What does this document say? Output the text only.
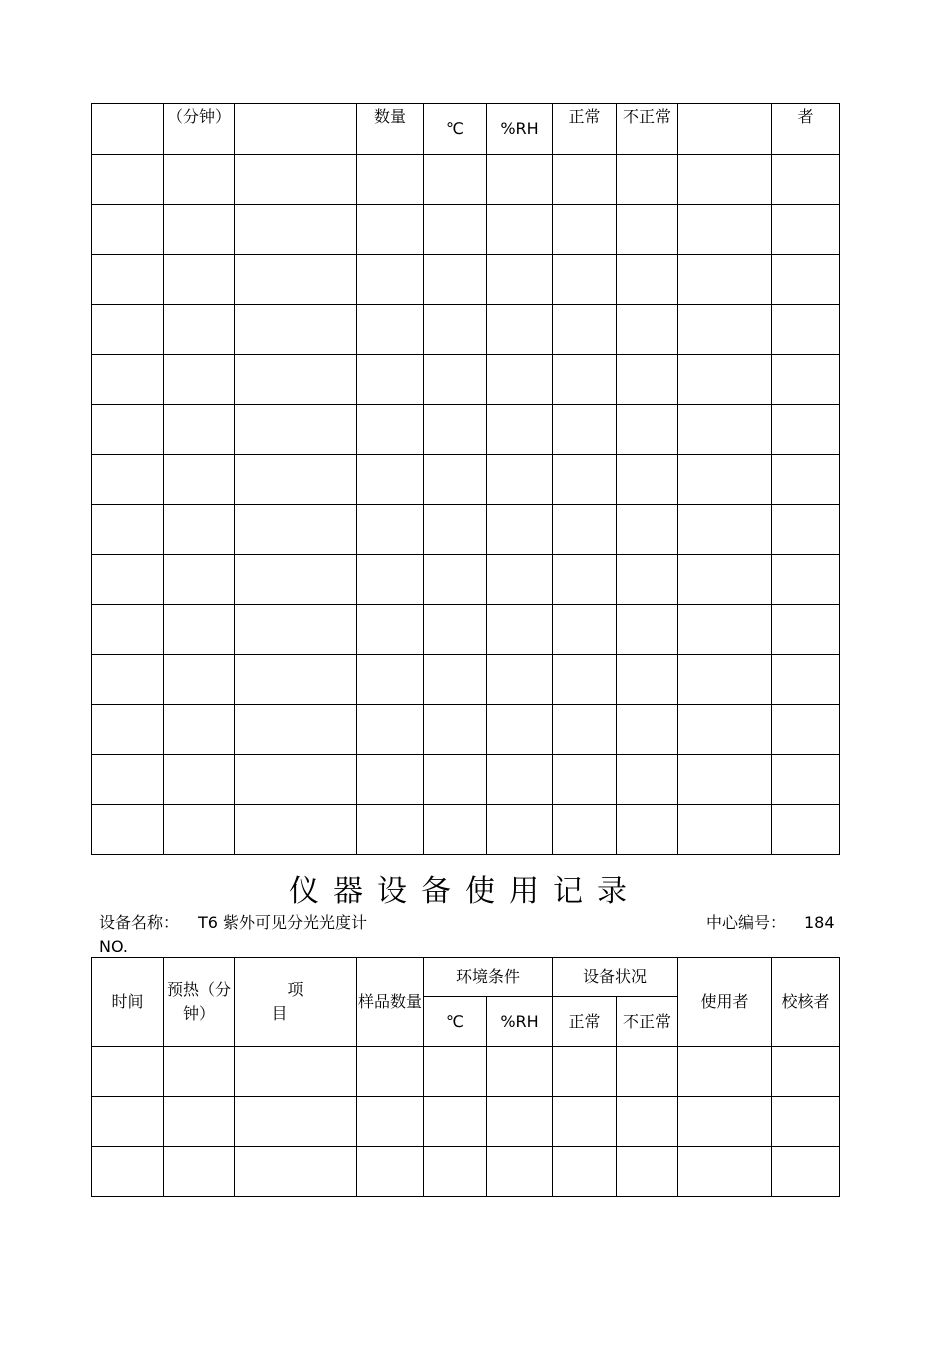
	（分钟）		数量	℃	%RH	正常	不正常		者

仪器设备使用记录
设备名称： T6 紫外可见分光光度计	中心编号： 184
NO.
时间	预热（分钟）	项 目	样品数量	环境条件		设备状况		使用者	校核者
				℃	%RH	正常	不正常		
